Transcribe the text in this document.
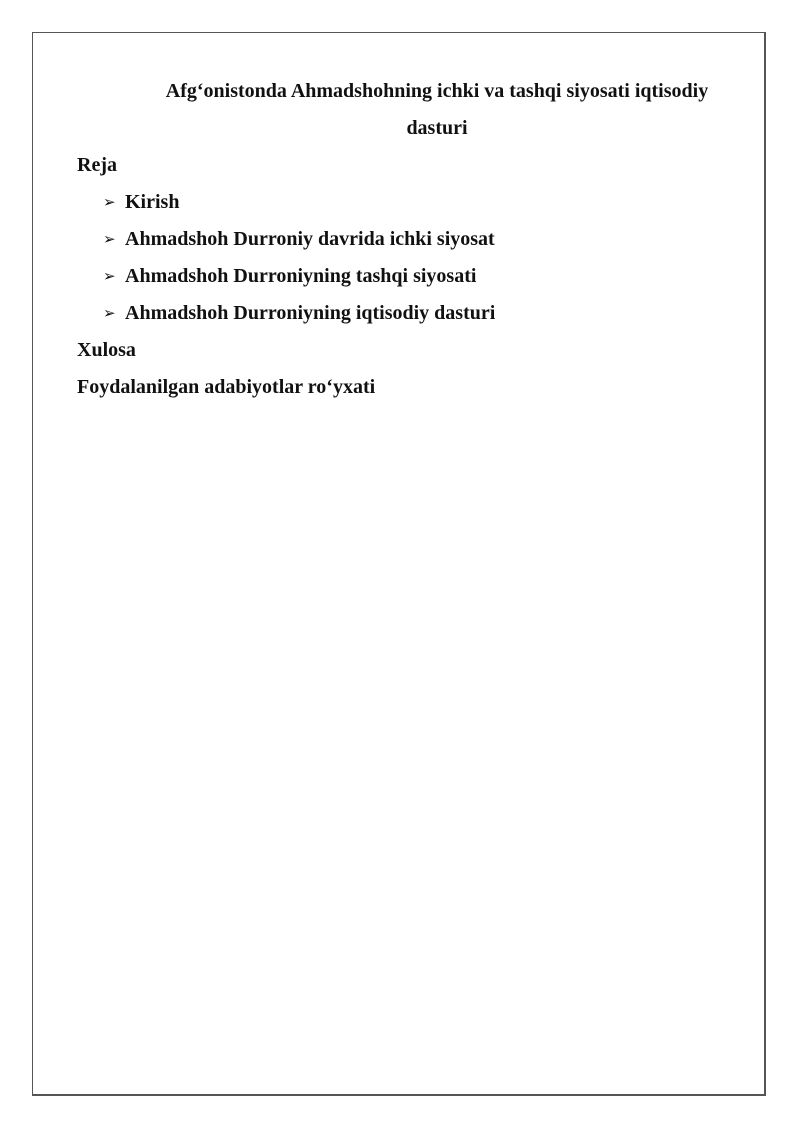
Afg‘onistonda Ahmadshohning ichki va tashqi siyosati iqtisodiy
dasturi

Reja

➢ Kirish
➢ Ahmadshoh Durroniy davrida ichki siyosat
➢ Ahmadshoh Durroniyning tashqi siyosati
➢ Ahmadshoh Durroniyning iqtisodiy dasturi

Xulosa

Foydalanilgan adabiyotlar ro‘yxati
